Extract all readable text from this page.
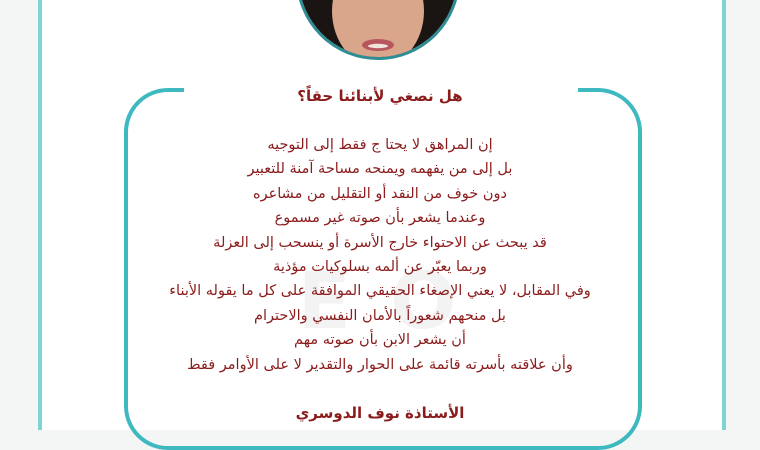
هل نصغي لأبنائنا حقاً؟
إن المراهق لا يحتا ج فقط إلى التوجيه
بل إلى من يفهمه ويمنحه مساحة آمنة للتعبير
دون خوف من النقد أو التقليل من مشاعره
وعندما يشعر بأن صوته غير مسموع
قد يبحث عن الاحتواء خارج الأسرة أو ينسحب إلى العزلة
وربما يعبّر عن ألمه بسلوكيات مؤذية
وفي المقابل، لا يعني الإصغاء الحقيقي الموافقة على كل ما يقوله الأبناء
بل منحهم شعوراً بالأمان النفسي والاحترام
أن يشعر الابن بأن صوته مهم
وأن علاقته بأسرته قائمة على الحوار والتقدير لا على الأوامر فقط
الأستاذة نوف الدوسري
